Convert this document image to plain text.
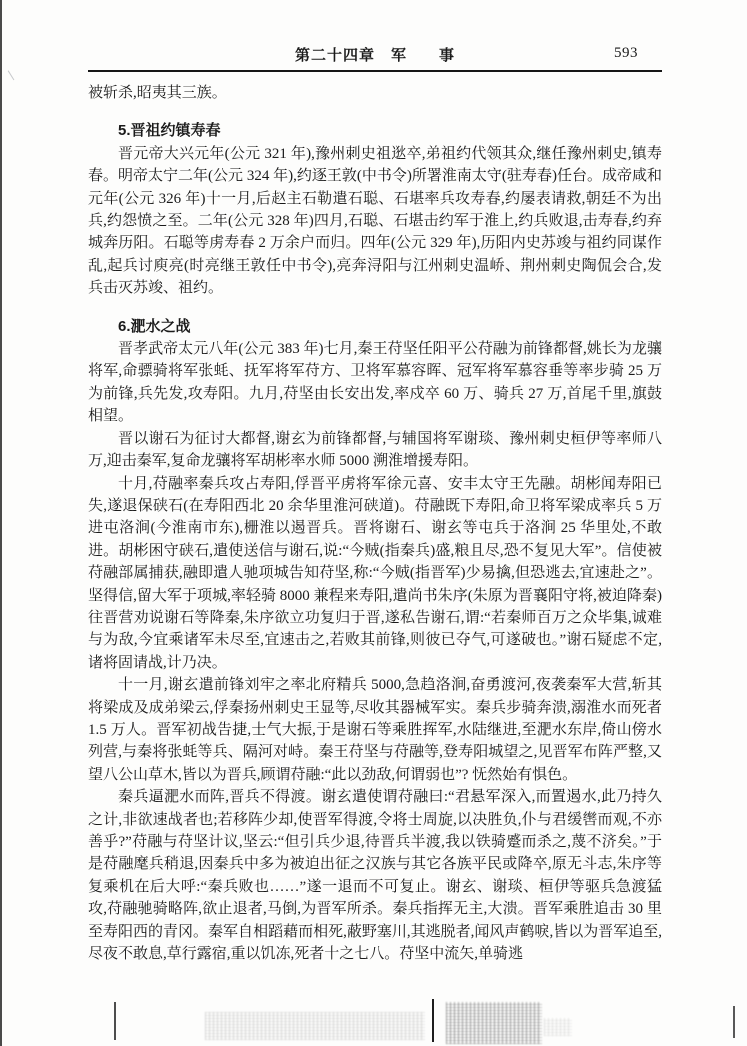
第二十四章　军　　事	593

被斩杀,昭夷其三族。

5.晋祖约镇寿春

晋元帝大兴元年(公元 321 年),豫州刺史祖逖卒,弟祖约代领其众,继任豫州刺史,镇寿春。明帝太宁二年(公元 324 年),约逐王敦(中书令)所署淮南太守(驻寿春)任台。成帝咸和元年(公元 326 年)十一月,后赵主石勒遣石聪、石堪率兵攻寿春,约屡表请救,朝廷不为出兵,约怨愤之至。二年(公元 328 年)四月,石聪、石堪击约军于淮上,约兵败退,击寿春,约弃城奔历阳。石聪等虏寿春 2 万余户而归。四年(公元 329 年),历阳内史苏竣与祖约同谋作乱,起兵讨庾亮(时亮继王敦任中书令),亮奔浔阳与江州刺史温峤、荆州刺史陶侃会合,发兵击灭苏竣、祖约。

6.淝水之战

晋孝武帝太元八年(公元 383 年)七月,秦王苻坚任阳平公苻融为前锋都督,姚长为龙骧将军,命骠骑将军张蚝、抚军将军苻方、卫将军慕容晖、冠军将军慕容垂等率步骑 25 万为前锋,兵先发,攻寿阳。九月,苻坚由长安出发,率戍卒 60 万、骑兵 27 万,首尾千里,旗鼓相望。

晋以谢石为征讨大都督,谢玄为前锋都督,与辅国将军谢琰、豫州刺史桓伊等率师八万,迎击秦军,复命龙骧将军胡彬率水师 5000 溯淮增援寿阳。

十月,苻融率秦兵攻占寿阳,俘晋平虏将军徐元喜、安丰太守王先融。胡彬闻寿阳已失,遂退保硖石(在寿阳西北 20 余华里淮河硖道)。苻融既下寿阳,命卫将军梁成率兵 5 万进屯洛涧(今淮南市东),栅淮以遏晋兵。晋将谢石、谢玄等屯兵于洛涧 25 华里处,不敢进。胡彬困守硖石,遣使送信与谢石,说:“今贼(指秦兵)盛,粮且尽,恐不复见大军”。信使被苻融部属捕获,融即遣人驰项城告知苻坚,称:“今贼(指晋军)少易擒,但恐逃去,宜速赴之”。坚得信,留大军于项城,率轻骑 8000 兼程来寿阳,遣尚书朱序(朱原为晋襄阳守将,被迫降秦)往晋营劝说谢石等降秦,朱序欲立功复归于晋,遂私告谢石,谓:“若秦师百万之众毕集,诚难与为敌,今宜乘诸军未尽至,宜速击之,若败其前锋,则彼已夺气,可遂破也。”谢石疑虑不定,诸将固请战,计乃决。

十一月,谢玄遣前锋刘牢之率北府精兵 5000,急趋洛涧,奋勇渡河,夜袭秦军大营,斩其将梁成及成弟梁云,俘秦扬州刺史王显等,尽收其器械军实。秦兵步骑奔溃,溺淮水而死者 1.5 万人。晋军初战告捷,士气大振,于是谢石等乘胜挥军,水陆继进,至淝水东岸,倚山傍水列营,与秦将张蚝等兵、隔河对峙。秦王苻坚与苻融等,登寿阳城望之,见晋军布阵严整,又望八公山草木,皆以为晋兵,顾谓苻融:“此以劲敌,何谓弱也”? 怃然始有惧色。

秦兵逼淝水而阵,晋兵不得渡。谢玄遣使谓苻融曰:“君悬军深入,而置遏水,此乃持久之计,非欲速战者也;若移阵少却,使晋军得渡,令将士周旋,以决胜负,仆与君缓辔而观,不亦善乎?”苻融与苻坚计议,坚云:“但引兵少退,待晋兵半渡,我以铁骑蹙而杀之,蔑不济矣。”于是苻融麾兵稍退,因秦兵中多为被迫出征之汉族与其它各族平民或降卒,原无斗志,朱序等复乘机在后大呼:“秦兵败也……”遂一退而不可复止。谢玄、谢琰、桓伊等驱兵急渡猛攻,苻融驰骑略阵,欲止退者,马倒,为晋军所杀。秦兵指挥无主,大溃。晋军乘胜追击 30 里至寿阳西的青冈。秦军自相蹈藉而相死,蔽野塞川,其逃脱者,闻风声鹤唳,皆以为晋军追至,尽夜不敢息,草行露宿,重以饥冻,死者十之七八。苻坚中流矢,单骑逃
